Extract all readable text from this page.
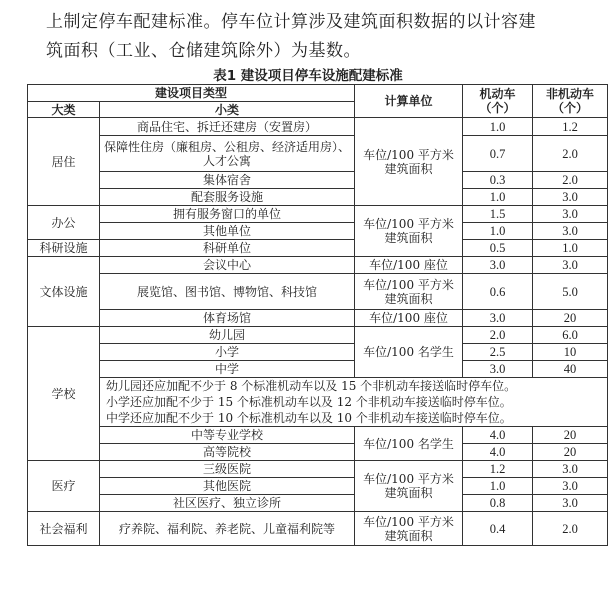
上制定停车配建标准。停车位计算涉及建筑面积数据的以计容建
筑面积（工业、仓储建筑除外）为基数。
表1 建设项目停车设施配建标准
建设项目类型		计算单位	机动车（个）	非机动车（个）
大类	小类			
居住	商品住宅、拆迁还建房（安置房）	车位/100 平方米建筑面积	1.0	1.2
	保障性住房（廉租房、公租房、经济适用房）、人才公寓		0.7	2.0
	集体宿舍		0.3	2.0
	配套服务设施		1.0	3.0
办公	拥有服务窗口的单位	车位/100 平方米建筑面积	1.5	3.0
	其他单位		1.0	3.0
科研设施	科研单位		0.5	1.0
文体设施	会议中心	车位/100 座位	3.0	3.0
	展览馆、图书馆、博物馆、科技馆	车位/100 平方米建筑面积	0.6	5.0
	体育场馆	车位/100 座位	3.0	20
学校	幼儿园	车位/100 名学生	2.0	6.0
	小学		2.5	10
	中学		3.0	40

	幼儿园还应加配不少于 8 个标准机动车以及 15 个非机动车接送临时停车位。
小学还应加配不少于 15 个标准机动车以及 12 个非机动车接送临时停车位。
中学还应加配不少于 10 个标准机动车以及 10 个非机动车接送临时停车位。			

	中等专业学校	车位/100 名学生	4.0	20
	高等院校		4.0	20
医疗	三级医院	车位/100 平方米建筑面积	1.2	3.0
	其他医院		1.0	3.0
	社区医疗、独立诊所		0.8	3.0
社会福利	疗养院、福利院、养老院、儿童福利院等	车位/100 平方米建筑面积	0.4	2.0
